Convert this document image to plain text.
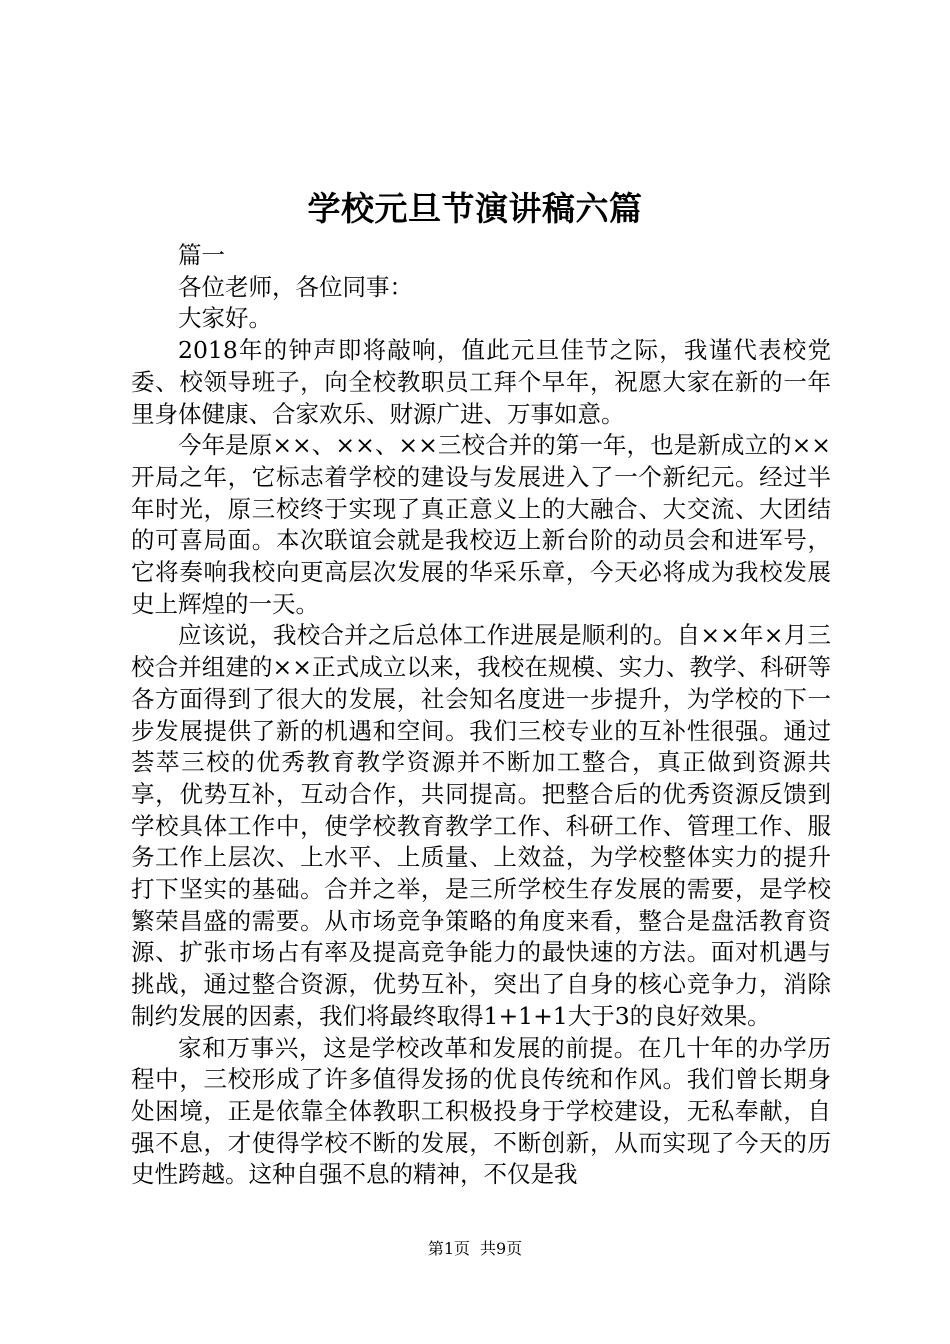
学校元旦节演讲稿六篇

篇一

各位老师，各位同事：

大家好。

2018年的钟声即将敲响，值此元旦佳节之际，我谨代表校党委、校领导班子，向全校教职员工拜个早年，祝愿大家在新的一年里身体健康、合家欢乐、财源广进、万事如意。

今年是原××、××、××三校合并的第一年，也是新成立的××开局之年，它标志着学校的建设与发展进入了一个新纪元。经过半年时光，原三校终于实现了真正意义上的大融合、大交流、大团结的可喜局面。本次联谊会就是我校迈上新台阶的动员会和进军号，它将奏响我校向更高层次发展的华采乐章，今天必将成为我校发展史上辉煌的一天。

应该说，我校合并之后总体工作进展是顺利的。自××年×月三校合并组建的××正式成立以来，我校在规模、实力、教学、科研等各方面得到了很大的发展，社会知名度进一步提升，为学校的下一步发展提供了新的机遇和空间。我们三校专业的互补性很强。通过荟萃三校的优秀教育教学资源并不断加工整合，真正做到资源共享，优势互补，互动合作，共同提高。把整合后的优秀资源反馈到学校具体工作中，使学校教育教学工作、科研工作、管理工作、服务工作上层次、上水平、上质量、上效益，为学校整体实力的提升打下坚实的基础。合并之举，是三所学校生存发展的需要，是学校繁荣昌盛的需要。从市场竞争策略的角度来看，整合是盘活教育资源、扩张市场占有率及提高竞争能力的最快速的方法。面对机遇与挑战，通过整合资源，优势互补，突出了自身的核心竞争力，消除制约发展的因素，我们将最终取得1+1+1大于3的良好效果。

家和万事兴，这是学校改革和发展的前提。在几十年的办学历程中，三校形成了许多值得发扬的优良传统和作风。我们曾长期身处困境，正是依靠全体教职工积极投身于学校建设，无私奉献，自强不息，才使得学校不断的发展，不断创新，从而实现了今天的历史性跨越。这种自强不息的精神，不仅是我

第1页 共9页
